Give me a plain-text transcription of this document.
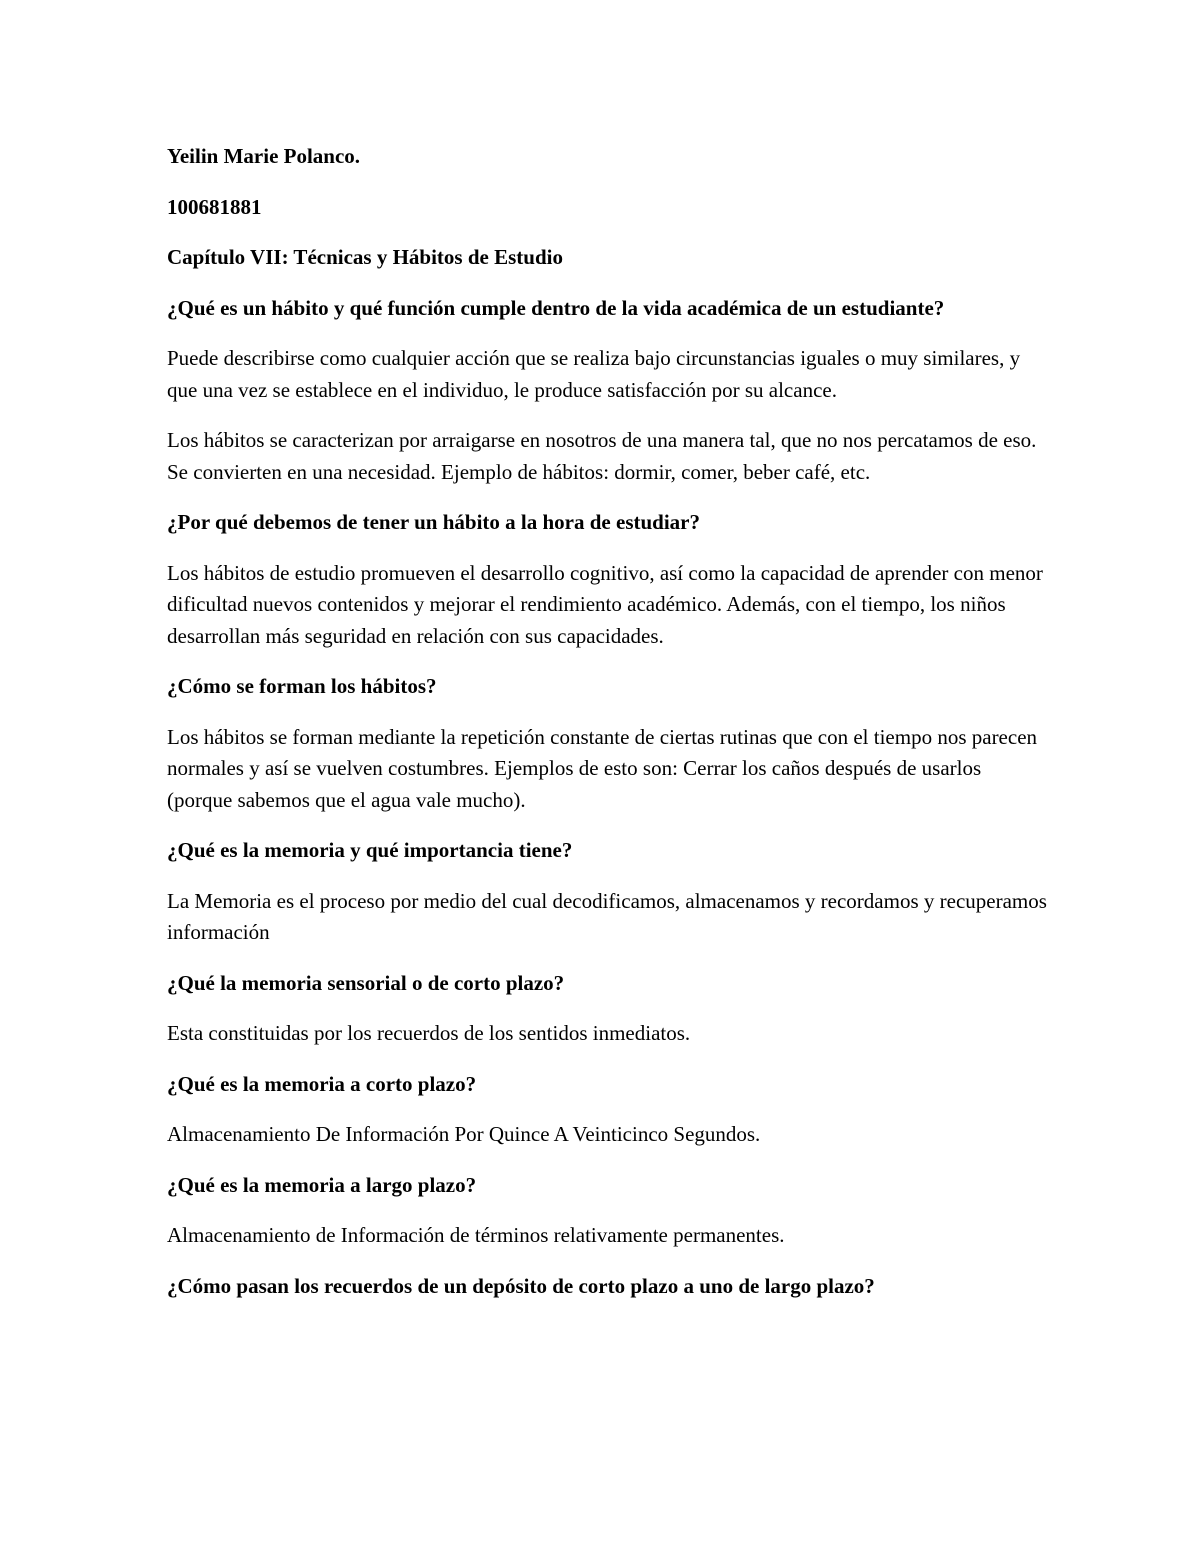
Yeilin Marie Polanco.

100681881

Capítulo VII: Técnicas y Hábitos de Estudio

¿Qué es un hábito y qué función cumple dentro de la vida académica de un estudiante?

Puede describirse como cualquier acción que se realiza bajo circunstancias iguales o muy similares, y que una vez se establece en el individuo, le produce satisfacción por su alcance.

Los hábitos se caracterizan por arraigarse en nosotros de una manera tal, que no nos percatamos de eso. Se convierten en una necesidad. Ejemplo de hábitos: dormir, comer, beber café, etc.

¿Por qué debemos de tener un hábito a la hora de estudiar?

Los hábitos de estudio promueven el desarrollo cognitivo, así como la capacidad de aprender con menor dificultad nuevos contenidos y mejorar el rendimiento académico. Además, con el tiempo, los niños desarrollan más seguridad en relación con sus capacidades.

¿Cómo se forman los hábitos?

Los hábitos se forman mediante la repetición constante de ciertas rutinas que con el tiempo nos parecen normales y así se vuelven costumbres. Ejemplos de esto son: Cerrar los caños después de usarlos (porque sabemos que el agua vale mucho).

¿Qué es la memoria y qué importancia tiene?

La Memoria es el proceso por medio del cual decodificamos, almacenamos y recordamos y recuperamos información

¿Qué la memoria sensorial o de corto plazo?

Esta constituidas por los recuerdos de los sentidos inmediatos.

¿Qué es la memoria a corto plazo?

Almacenamiento De Información Por Quince A Veinticinco Segundos.

¿Qué es la memoria a largo plazo?

Almacenamiento de Información de términos relativamente permanentes.

¿Cómo pasan los recuerdos de un depósito de corto plazo a uno de largo plazo?
